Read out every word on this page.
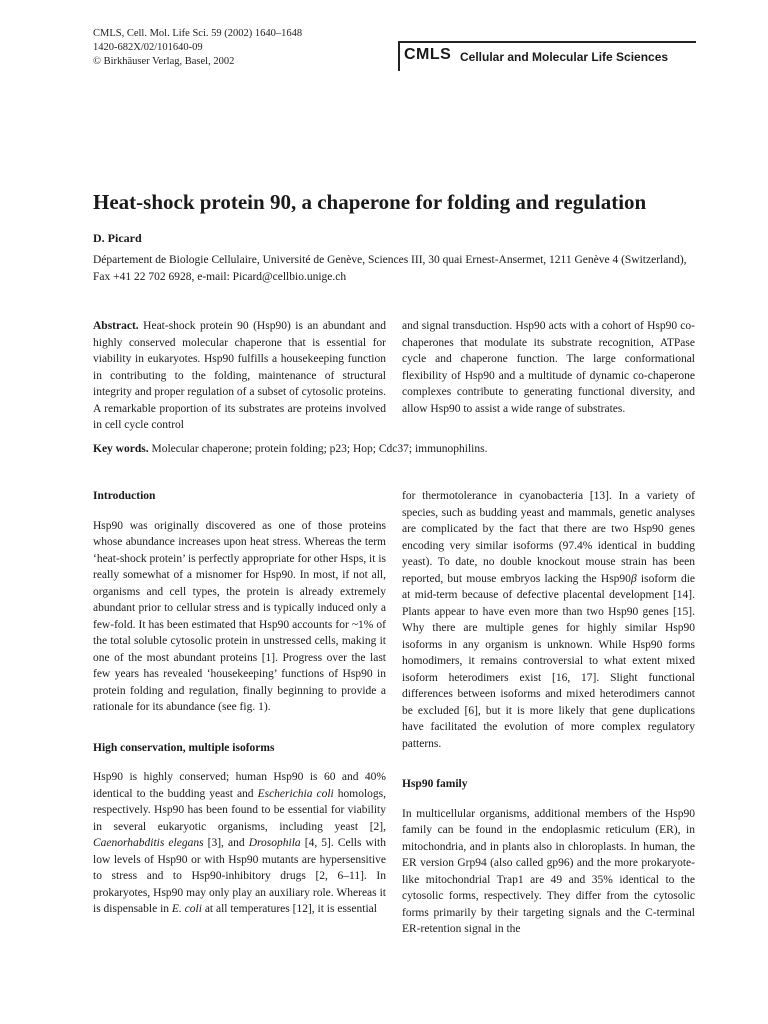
CMLS, Cell. Mol. Life Sci. 59 (2002) 1640–1648
1420-682X/02/101640-09
© Birkhäuser Verlag, Basel, 2002	CMLS Cellular and Molecular Life Sciences
Heat-shock protein 90, a chaperone for folding and regulation
D. Picard
Département de Biologie Cellulaire, Université de Genève, Sciences III, 30 quai Ernest-Ansermet, 1211 Genève 4 (Switzerland), Fax +41 22 702 6928, e-mail: Picard@cellbio.unige.ch

Abstract. Heat-shock protein 90 (Hsp90) is an abundant and highly conserved molecular chaperone that is essential for viability in eukaryotes. Hsp90 fulfills a housekeeping function in contributing to the folding, maintenance of structural integrity and proper regulation of a subset of cytosolic proteins. A remarkable proportion of its substrates are proteins involved in cell cycle control

and signal transduction. Hsp90 acts with a cohort of Hsp90 co-chaperones that modulate its substrate recognition, ATPase cycle and chaperone function. The large conformational flexibility of Hsp90 and a multitude of dynamic co-chaperone complexes contribute to generating functional diversity, and allow Hsp90 to assist a wide range of substrates.

Key words. Molecular chaperone; protein folding; p23; Hop; Cdc37; immunophilins.

Introduction

Hsp90 was originally discovered as one of those proteins whose abundance increases upon heat stress. Whereas the term ‘heat-shock protein’ is perfectly appropriate for other Hsps, it is really somewhat of a misnomer for Hsp90. In most, if not all, organisms and cell types, the protein is already extremely abundant prior to cellular stress and is typically induced only a few-fold. It has been estimated that Hsp90 accounts for ~1% of the total soluble cytosolic protein in unstressed cells, making it one of the most abundant proteins [1]. Progress over the last few years has revealed ‘housekeeping’ functions of Hsp90 in protein folding and regulation, finally beginning to provide a rationale for its abundance (see fig. 1).

High conservation, multiple isoforms

Hsp90 is highly conserved; human Hsp90 is 60 and 40% identical to the budding yeast and Escherichia coli homologs, respectively. Hsp90 has been found to be essential for viability in several eukaryotic organisms, including yeast [2], Caenorhabditis elegans [3], and Drosophila [4, 5]. Cells with low levels of Hsp90 or with Hsp90 mutants are hypersensitive to stress and to Hsp90-inhibitory drugs [2, 6–11]. In prokaryotes, Hsp90 may only play an auxiliary role. Whereas it is dispensable in E. coli at all temperatures [12], it is essential

for thermotolerance in cyanobacteria [13]. In a variety of species, such as budding yeast and mammals, genetic analyses are complicated by the fact that there are two Hsp90 genes encoding very similar isoforms (97.4% identical in budding yeast). To date, no double knockout mouse strain has been reported, but mouse embryos lacking the Hsp90β isoform die at mid-term because of defective placental development [14]. Plants appear to have even more than two Hsp90 genes [15]. Why there are multiple genes for highly similar Hsp90 isoforms in any organism is unknown. While Hsp90 forms homodimers, it remains controversial to what extent mixed isoform heterodimers exist [16, 17]. Slight functional differences between isoforms and mixed heterodimers cannot be excluded [6], but it is more likely that gene duplications have facilitated the evolution of more complex regulatory patterns.

Hsp90 family

In multicellular organisms, additional members of the Hsp90 family can be found in the endoplasmic reticulum (ER), in mitochondria, and in plants also in chloroplasts. In human, the ER version Grp94 (also called gp96) and the more prokaryote-like mitochondrial Trap1 are 49 and 35% identical to the cytosolic forms, respectively. They differ from the cytosolic forms primarily by their targeting signals and the C-terminal ER-retention signal in the
